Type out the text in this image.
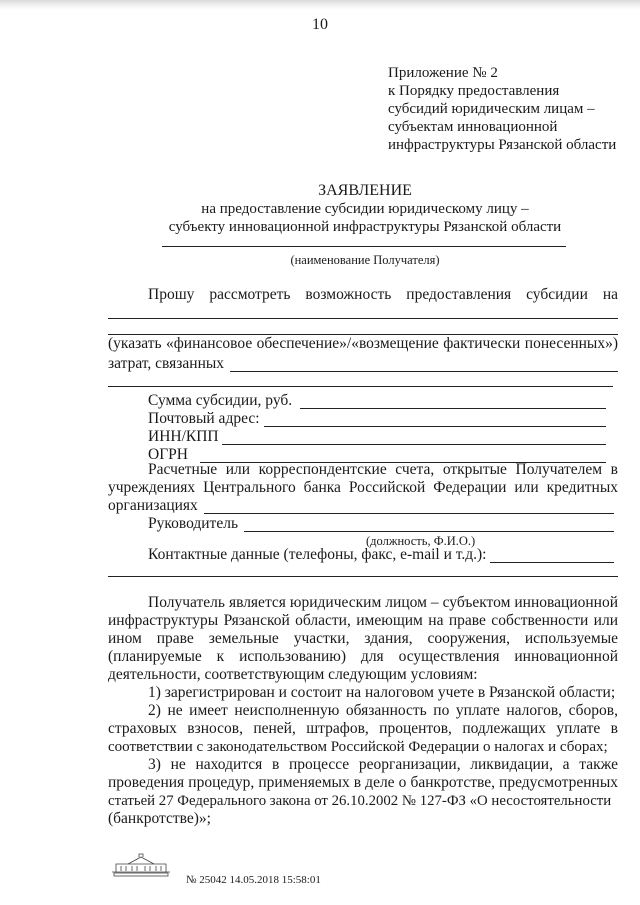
10
Приложение № 2
к Порядку предоставления
субсидий юридическим лицам –
субъектам инновационной
инфраструктуры Рязанской области
ЗАЯВЛЕНИЕ
на предоставление субсидии юридическому лицу –
субъекту инновационной инфраструктуры Рязанской области
(наименование Получателя)
Прошу рассмотреть возможность предоставления субсидии на
(указать «финансовое обеспечение»/«возмещение фактически понесенных»)
затрат, связанных
Сумма субсидии, руб.
Почтовый адрес:
ИНН/КПП
ОГРН
Расчетные или корреспондентские счета, открытые Получателем в
учреждениях Центрального банка Российской Федерации или кредитных
организациях
Руководитель
(должность, Ф.И.О.)
Контактные данные (телефоны, факс, e-mail и т.д.):
Получатель является юридическим лицом – субъектом инновационной
инфраструктуры Рязанской области, имеющим на праве собственности или
ином праве земельные участки, здания, сооружения, используемые
(планируемые к использованию) для осуществления инновационной
деятельности, соответствующим следующим условиям:
1) зарегистрирован и состоит на налоговом учете в Рязанской области;
2) не имеет неисполненную обязанность по уплате налогов, сборов,
страховых взносов, пеней, штрафов, процентов, подлежащих уплате в
соответствии с законодательством Российской Федерации о налогах и сборах;
3) не находится в процессе реорганизации, ликвидации, а также
проведения процедур, применяемых в деле о банкротстве, предусмотренных
статьей 27 Федерального закона от 26.10.2002 № 127-ФЗ «О несостоятельности
(банкротстве)»;
№ 25042 14.05.2018 15:58:01
